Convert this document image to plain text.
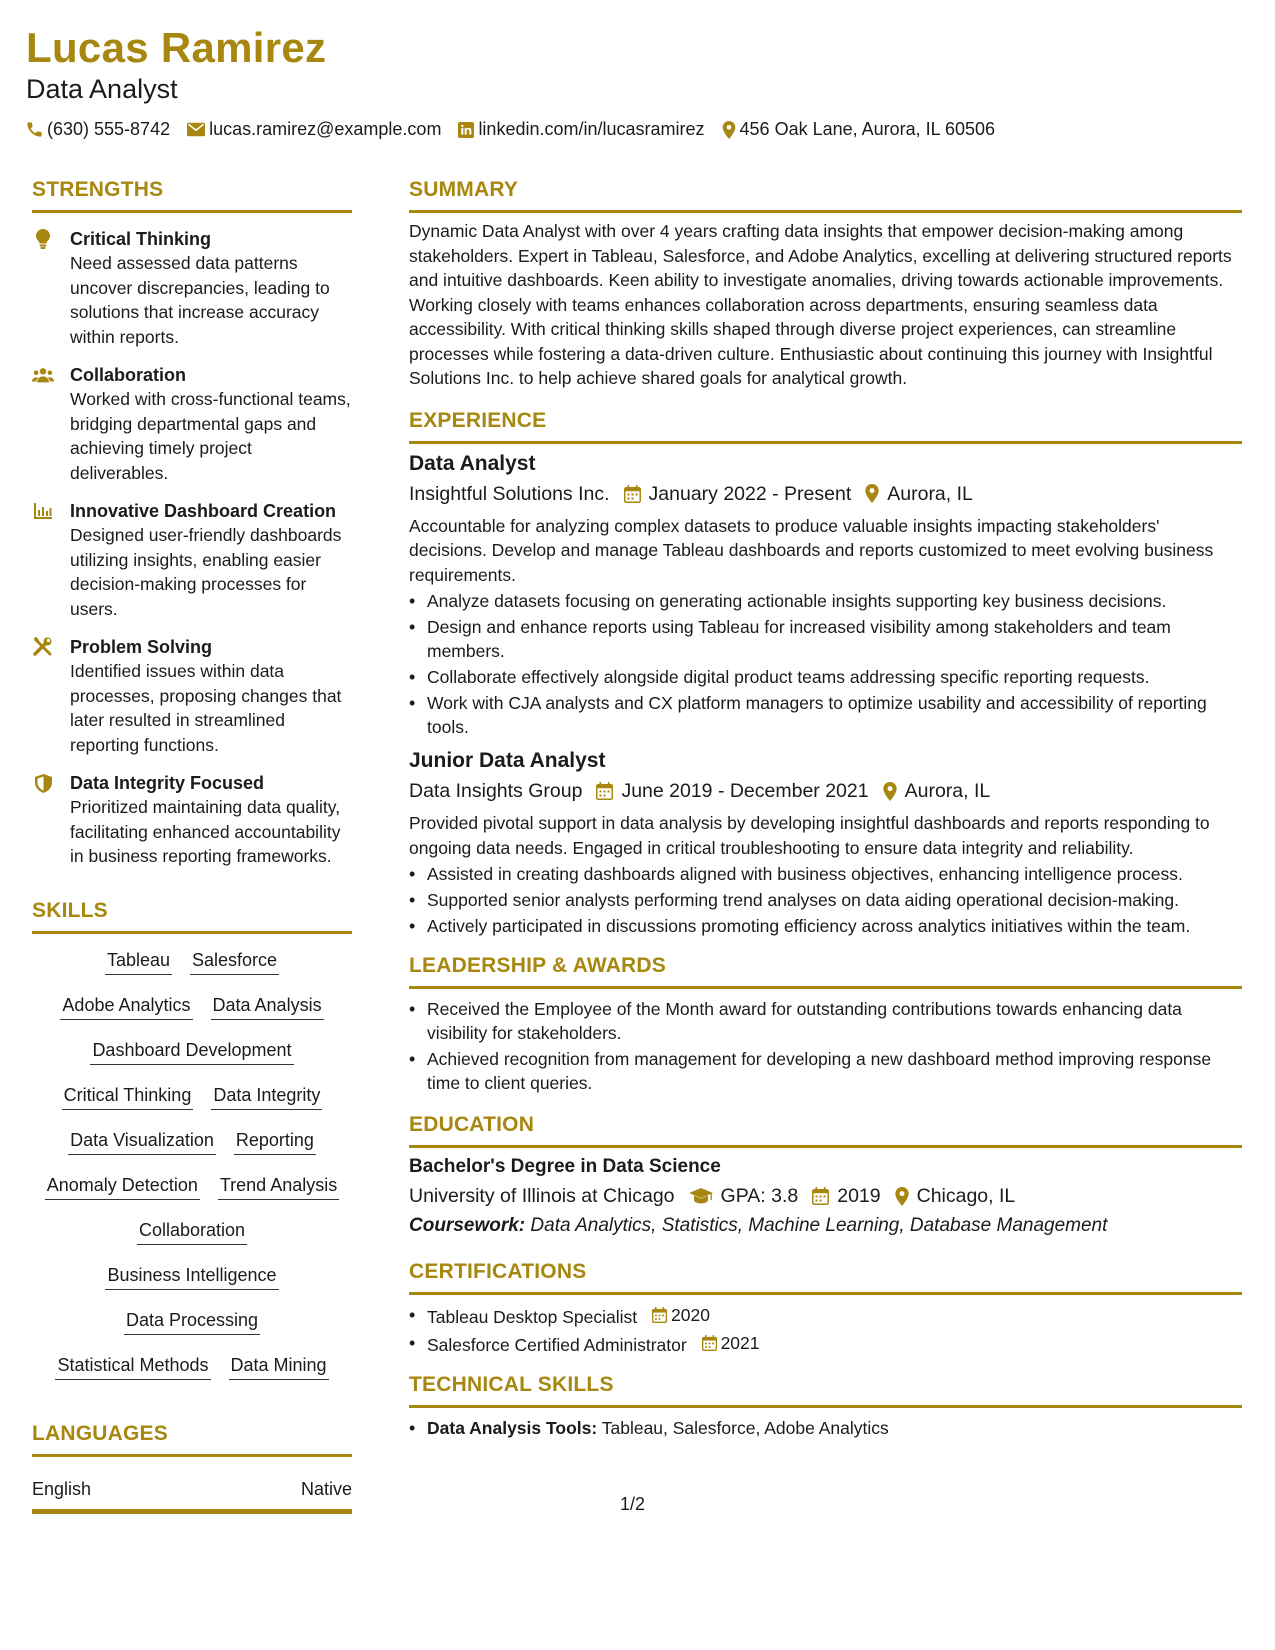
Lucas Ramirez
Data Analyst
(630) 555-8742 lucas.ramirez@example.com linkedin.com/in/lucasramirez 456 Oak Lane, Aurora, IL 60506
STRENGTHS
Critical Thinking
Need assessed data patterns uncover discrepancies, leading to solutions that increase accuracy within reports.
Collaboration
Worked with cross-functional teams, bridging departmental gaps and achieving timely project deliverables.
Innovative Dashboard Creation
Designed user-friendly dashboards utilizing insights, enabling easier decision-making processes for users.
Problem Solving
Identified issues within data processes, proposing changes that later resulted in streamlined reporting functions.
Data Integrity Focused
Prioritized maintaining data quality, facilitating enhanced accountability in business reporting frameworks.
SKILLS
Tableau Salesforce
Adobe Analytics Data Analysis
Dashboard Development
Critical Thinking Data Integrity
Data Visualization Reporting
Anomaly Detection Trend Analysis
Collaboration
Business Intelligence
Data Processing
Statistical Methods Data Mining
LANGUAGES
English	Native
SUMMARY
Dynamic Data Analyst with over 4 years crafting data insights that empower decision-making among stakeholders. Expert in Tableau, Salesforce, and Adobe Analytics, excelling at delivering structured reports and intuitive dashboards. Keen ability to investigate anomalies, driving towards actionable improvements. Working closely with teams enhances collaboration across departments, ensuring seamless data accessibility. With critical thinking skills shaped through diverse project experiences, can streamline processes while fostering a data-driven culture. Enthusiastic about continuing this journey with Insightful Solutions Inc. to help achieve shared goals for analytical growth.
EXPERIENCE
Data Analyst
Insightful Solutions Inc. January 2022 - Present Aurora, IL
Accountable for analyzing complex datasets to produce valuable insights impacting stakeholders' decisions. Develop and manage Tableau dashboards and reports customized to meet evolving business requirements.
• Analyze datasets focusing on generating actionable insights supporting key business decisions.
• Design and enhance reports using Tableau for increased visibility among stakeholders and team members.
• Collaborate effectively alongside digital product teams addressing specific reporting requests.
• Work with CJA analysts and CX platform managers to optimize usability and accessibility of reporting tools.
Junior Data Analyst
Data Insights Group June 2019 - December 2021 Aurora, IL
Provided pivotal support in data analysis by developing insightful dashboards and reports responding to ongoing data needs. Engaged in critical troubleshooting to ensure data integrity and reliability.
• Assisted in creating dashboards aligned with business objectives, enhancing intelligence process.
• Supported senior analysts performing trend analyses on data aiding operational decision-making.
• Actively participated in discussions promoting efficiency across analytics initiatives within the team.
LEADERSHIP & AWARDS
• Received the Employee of the Month award for outstanding contributions towards enhancing data visibility for stakeholders.
• Achieved recognition from management for developing a new dashboard method improving response time to client queries.
EDUCATION
Bachelor's Degree in Data Science
University of Illinois at Chicago GPA: 3.8 2019 Chicago, IL
Coursework: Data Analytics, Statistics, Machine Learning, Database Management
CERTIFICATIONS
• Tableau Desktop Specialist 2020
• Salesforce Certified Administrator 2021
TECHNICAL SKILLS
• Data Analysis Tools: Tableau, Salesforce, Adobe Analytics
1/2
